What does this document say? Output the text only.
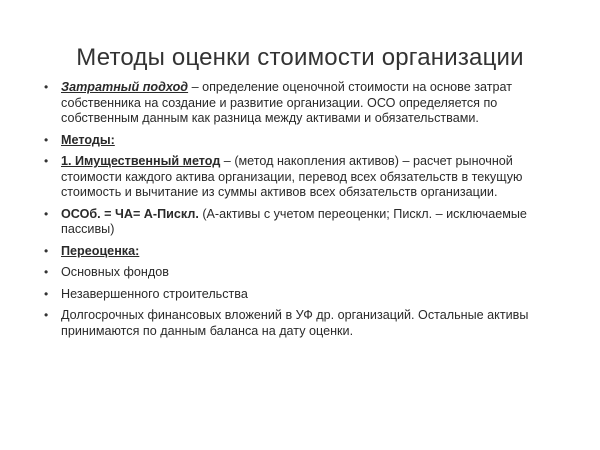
Методы оценки стоимости организации
• Затратный подход – определение оценочной стоимости на основе затрат собственника на создание и развитие организации. ОСО определяется по собственным данным как разница между активами и обязательствами.
• Методы:
• 1. Имущественный метод – (метод накопления активов) – расчет рыночной стоимости каждого актива организации, перевод всех обязательств в текущую стоимость и вычитание из суммы активов всех обязательств организации.
• ОСОб. = ЧА= А-Пискл. (А-активы с учетом переоценки; Пискл. – исключаемые пассивы)
• Переоценка:
• Основных фондов
• Незавершенного строительства
• Долгосрочных финансовых вложений в УФ др. организаций. Остальные активы принимаются по данным баланса на дату оценки.
